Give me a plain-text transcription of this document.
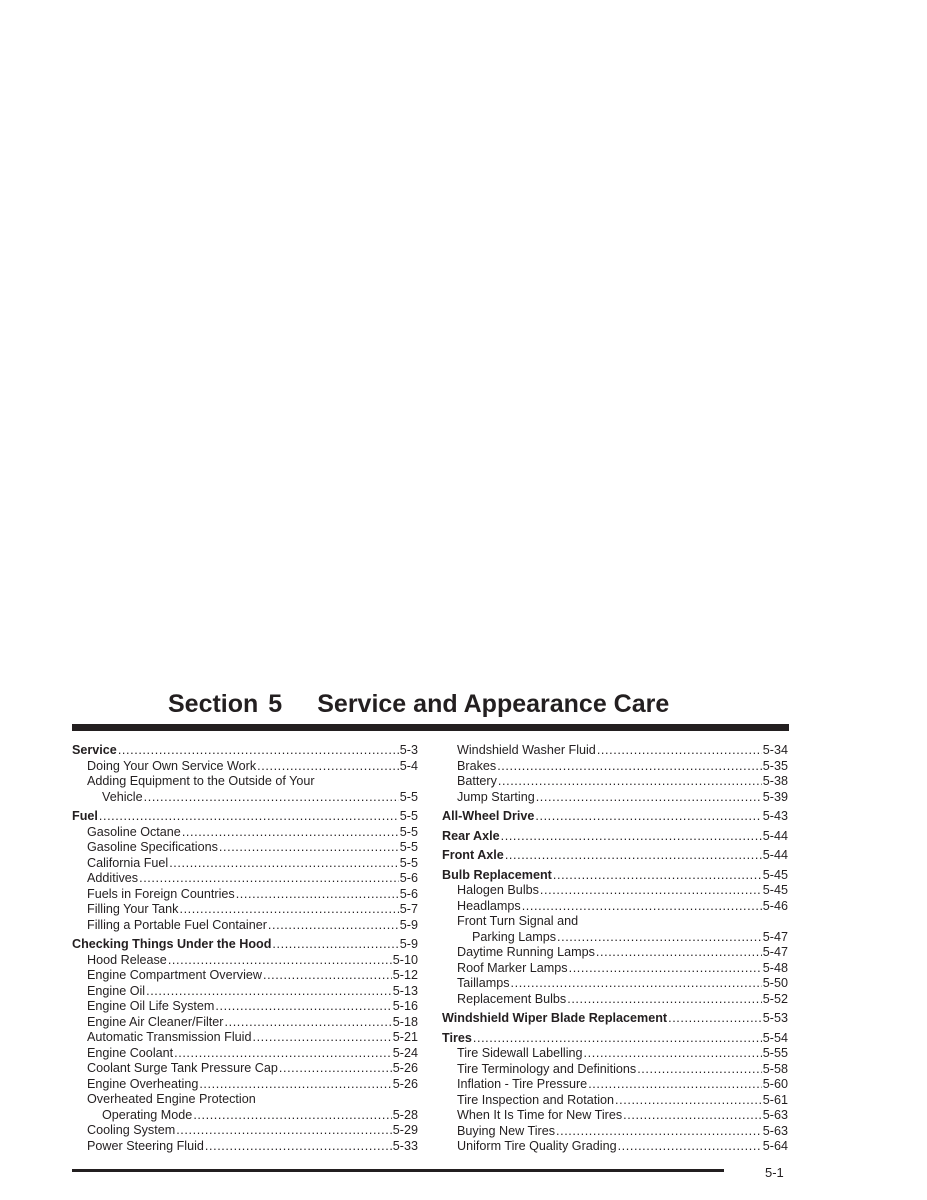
Section 5 Service and Appearance Care
Service .....	5-3
Doing Your Own Service Work .....	5-4
Adding Equipment to the Outside of Your
Vehicle .....	5-5
Fuel .....	5-5
Gasoline Octane .....	5-5
Gasoline Specifications .....	5-5
California Fuel .....	5-5
Additives .....	5-6
Fuels in Foreign Countries .....	5-6
Filling Your Tank .....	5-7
Filling a Portable Fuel Container .....	5-9
Checking Things Under the Hood .....	5-9
Hood Release .....	5-10
Engine Compartment Overview .....	5-12
Engine Oil .....	5-13
Engine Oil Life System .....	5-16
Engine Air Cleaner/Filter .....	5-18
Automatic Transmission Fluid .....	5-21
Engine Coolant .....	5-24
Coolant Surge Tank Pressure Cap .....	5-26
Engine Overheating .....	5-26
Overheated Engine Protection
Operating Mode .....	5-28
Cooling System .....	5-29
Power Steering Fluid .....	5-33
Windshield Washer Fluid .....	5-34
Brakes .....	5-35
Battery .....	5-38
Jump Starting .....	5-39
All-Wheel Drive .....	5-43
Rear Axle .....	5-44
Front Axle .....	5-44
Bulb Replacement .....	5-45
Halogen Bulbs .....	5-45
Headlamps .....	5-46
Front Turn Signal and
Parking Lamps .....	5-47
Daytime Running Lamps .....	5-47
Roof Marker Lamps .....	5-48
Taillamps .....	5-50
Replacement Bulbs .....	5-52
Windshield Wiper Blade Replacement .....	5-53
Tires .....	5-54
Tire Sidewall Labelling .....	5-55
Tire Terminology and Definitions .....	5-58
Inflation - Tire Pressure .....	5-60
Tire Inspection and Rotation .....	5-61
When It Is Time for New Tires .....	5-63
Buying New Tires .....	5-63
Uniform Tire Quality Grading .....	5-64
5-1
